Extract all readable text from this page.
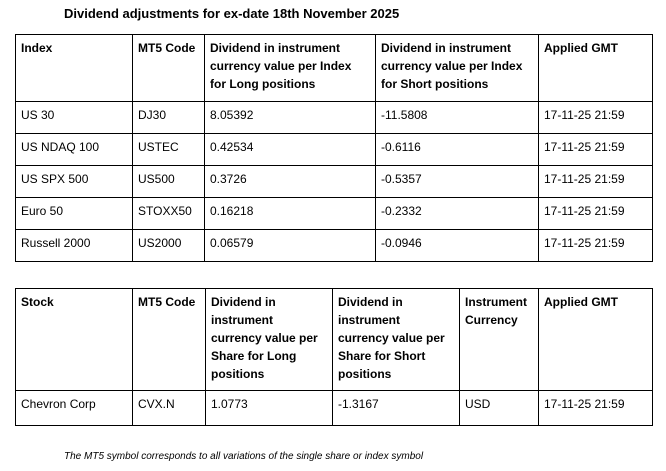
Dividend adjustments for ex-date 18th November 2025
Index	MT5 Code	Dividend in instrument currency value per Index for Long positions	Dividend in instrument currency value per Index for Short positions	Applied GMT
US 30	DJ30	8.05392	-11.5808	17-11-25 21:59
US NDAQ 100	USTEC	0.42534	-0.6116	17-11-25 21:59
US SPX 500	US500	0.3726	-0.5357	17-11-25 21:59
Euro 50	STOXX50	0.16218	-0.2332	17-11-25 21:59
Russell 2000	US2000	0.06579	-0.0946	17-11-25 21:59
Stock	MT5 Code	Dividend in instrument currency value per Share for Long positions	Dividend in instrument currency value per Share for Short positions	Instrument Currency	Applied GMT
Chevron Corp	CVX.N	1.0773	-1.3167	USD	17-11-25 21:59
The MT5 symbol corresponds to all variations of the single share or index symbol
